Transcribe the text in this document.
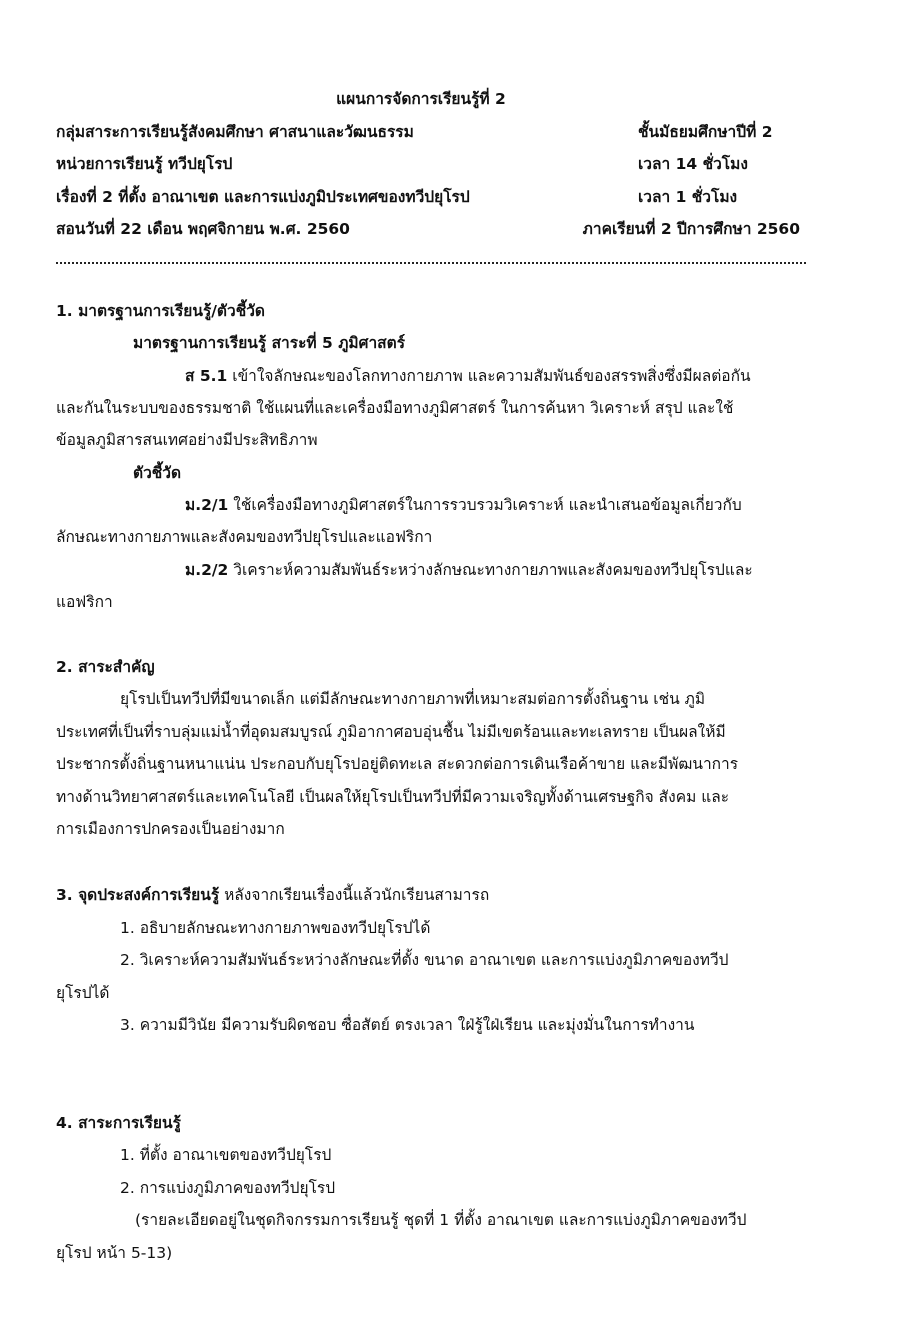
แผนการจัดการเรียนรู้ที่ 2
กลุ่มสาระการเรียนรู้สังคมศึกษา ศาสนาและวัฒนธรรม	ชั้นมัธยมศึกษาปีที่ 2
หน่วยการเรียนรู้ ทวีปยุโรป	เวลา 14 ชั่วโมง
เรื่องที่ 2 ที่ตั้ง อาณาเขต และการแบ่งภูมิประเทศของทวีปยุโรป	เวลา 1 ชั่วโมง
สอนวันที่ 22 เดือน พฤศจิกายน พ.ศ. 2560	ภาคเรียนที่ 2 ปีการศึกษา 2560
1. มาตรฐานการเรียนรู้/ตัวชี้วัด
มาตรฐานการเรียนรู้ สาระที่ 5 ภูมิศาสตร์
ส 5.1 เข้าใจลักษณะของโลกทางกายภาพ และความสัมพันธ์ของสรรพสิ่งซึ่งมีผลต่อกัน
และกันในระบบของธรรมชาติ ใช้แผนที่และเครื่องมือทางภูมิศาสตร์ ในการค้นหา วิเคราะห์ สรุป และใช้
ข้อมูลภูมิสารสนเทศอย่างมีประสิทธิภาพ
ตัวชี้วัด
ม.2/1 ใช้เครื่องมือทางภูมิศาสตร์ในการรวบรวมวิเคราะห์ และนำเสนอข้อมูลเกี่ยวกับ
ลักษณะทางกายภาพและสังคมของทวีปยุโรปและแอฟริกา
ม.2/2 วิเคราะห์ความสัมพันธ์ระหว่างลักษณะทางกายภาพและสังคมของทวีปยุโรปและ
แอฟริกา
2. สาระสำคัญ
ยุโรปเป็นทวีปที่มีขนาดเล็ก แต่มีลักษณะทางกายภาพที่เหมาะสมต่อการตั้งถิ่นฐาน เช่น ภูมิ
ประเทศที่เป็นที่ราบลุ่มแม่น้ำที่อุดมสมบูรณ์ ภูมิอากาศอบอุ่นชื้น ไม่มีเขตร้อนและทะเลทราย เป็นผลให้มี
ประชากรตั้งถิ่นฐานหนาแน่น ประกอบกับยุโรปอยู่ติดทะเล สะดวกต่อการเดินเรือค้าขาย และมีพัฒนาการ
ทางด้านวิทยาศาสตร์และเทคโนโลยี เป็นผลให้ยุโรปเป็นทวีปที่มีความเจริญทั้งด้านเศรษฐกิจ สังคม และ
การเมืองการปกครองเป็นอย่างมาก
3. จุดประสงค์การเรียนรู้ หลังจากเรียนเรื่องนี้แล้วนักเรียนสามารถ
1. อธิบายลักษณะทางกายภาพของทวีปยุโรปได้
2. วิเคราะห์ความสัมพันธ์ระหว่างลักษณะที่ตั้ง ขนาด อาณาเขต และการแบ่งภูมิภาคของทวีป
ยุโรปได้
3. ความมีวินัย มีความรับผิดชอบ ซื่อสัตย์ ตรงเวลา ใฝ่รู้ใฝ่เรียน และมุ่งมั่นในการทำงาน
4. สาระการเรียนรู้
1. ที่ตั้ง อาณาเขตของทวีปยุโรป
2. การแบ่งภูมิภาคของทวีปยุโรป
(รายละเอียดอยู่ในชุดกิจกรรมการเรียนรู้ ชุดที่ 1 ที่ตั้ง อาณาเขต และการแบ่งภูมิภาคของทวีป
ยุโรป หน้า 5-13)
